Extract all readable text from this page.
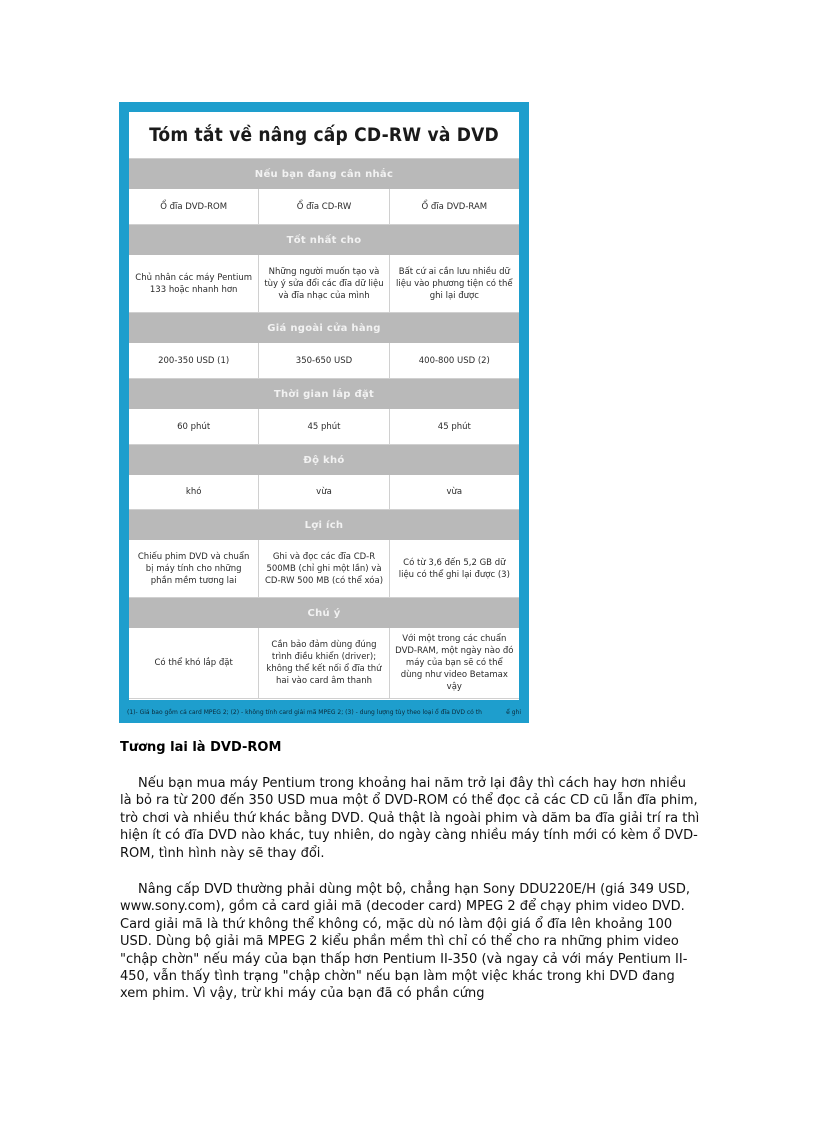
Tóm tắt về nâng cấp CD-RW và DVD
Nếu bạn đang cân nhắc
Ổ đĩa DVD-ROM	Ổ đĩa CD-RW	Ổ đĩa DVD-RAM
Tốt nhất cho
Chủ nhân các máy Pentium 133 hoặc nhanh hơn
Những người muốn tạo và tùy ý sửa đổi các đĩa dữ liệu và đĩa nhạc của mình
Bất cứ ai cần lưu nhiều dữ liệu vào phương tiện có thể ghi lại được
Giá ngoài cửa hàng
200-350 USD (1)	350-650 USD	400-800 USD (2)
Thời gian lắp đặt
60 phút	45 phút	45 phút
Độ khó
khó	vừa	vừa
Lợi ích
Chiếu phim DVD và chuẩn bị máy tính cho những phần mềm tương lai
Ghi và đọc các đĩa CD-R 500MB (chỉ ghi một lần) và CD-RW 500 MB (có thể xóa)
Có từ 3,6 đến 5,2 GB dữ liệu có thể ghi lại được (3)
Chú ý
Có thể khó lắp đặt
Cần bảo đảm dùng đúng trình điều khiển (driver); không thể kết nối ổ đĩa thứ hai vào card âm thanh
Với một trong các chuẩn DVD-RAM, một ngày nào đó máy của bạn sẽ có thể dùng như video Betamax vậy
(1)- Giá bao gồm cả card MPEG 2; (2) - không tính card giải mã MPEG 2; (3) - dung lượng tùy theo loại ổ đĩa DVD có th	ể ghi
Tương lai là DVD-ROM

Nếu bạn mua máy Pentium trong khoảng hai năm trở lại đây thì cách hay hơn nhiều là bỏ ra từ 200 đến 350 USD mua một ổ DVD-ROM có thể đọc cả các CD cũ lẫn đĩa phim, trò chơi và nhiều thứ khác bằng DVD. Quả thật là ngoài phim và dăm ba đĩa giải trí ra thì hiện ít có đĩa DVD nào khác, tuy nhiên, do ngày càng nhiều máy tính mới có kèm ổ DVD-ROM, tình hình này sẽ thay đổi.

Nâng cấp DVD thường phải dùng một bộ, chẳng hạn Sony DDU220E/H (giá 349 USD, www.sony.com), gồm cả card giải mã (decoder card) MPEG 2 để chạy phim video DVD. Card giải mã là thứ không thể không có, mặc dù nó làm đội giá ổ đĩa lên khoảng 100 USD. Dùng bộ giải mã MPEG 2 kiểu phần mềm thì chỉ có thể cho ra những phim video "chập chờn" nếu máy của bạn thấp hơn Pentium II-350 (và ngay cả với máy Pentium II-450, vẫn thấy tình trạng "chập chờn" nếu bạn làm một việc khác trong khi DVD đang xem phim. Vì vậy, trừ khi máy của bạn đã có phần cứng
